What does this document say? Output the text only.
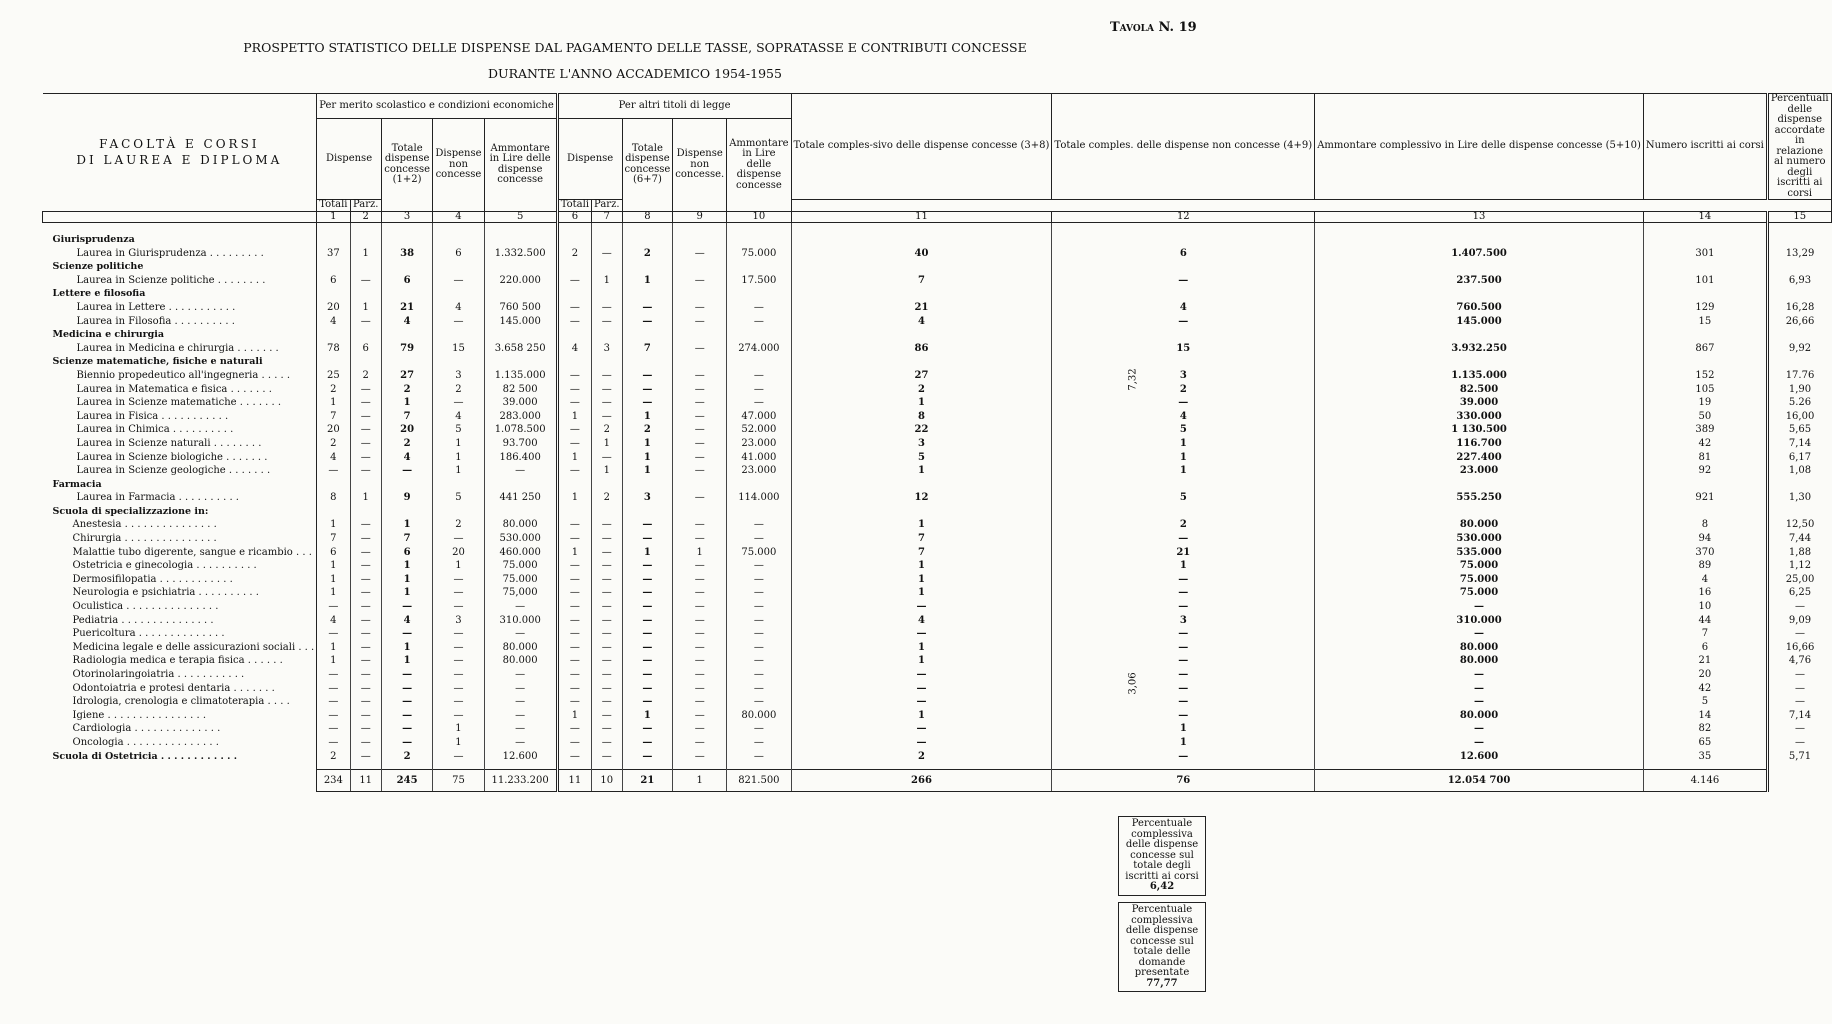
Tavola N. 19
PROSPETTO STATISTICO DELLE DISPENSE DAL PAGAMENTO DELLE TASSE, SOPRATASSE E CONTRIBUTI CONCESSE
DURANTE L'ANNO ACCADEMICO 1954-1955
FACOLTÀ E CORSI
DI LAUREA E DIPLOMA	Per merito scolastico e condizioni economiche					Per altri titoli di legge					Totale comples-sivo delle dispense concesse (3+8)	Totale comples. delle dispense non concesse (4+9)	Ammontare complessivo in Lire delle dispense concesse (5+10)	Numero iscritti ai corsi	Percentuali delle dispense accordate in relazione al numero degli iscritti ai corsi
	Dispense		Totale dispense concesse (1+2)	Dispense non concesse	Ammontare in Lire delle dispense concesse	Dispense		Totale dispense concesse (6+7)	Dispense non concesse.	Ammontare in Lire delle dispense concesse					
	Totali	Parz.				Totali	Parz.								
	1	2	3	4	5	6	7	8	9	10	11	12	13	14	15

Giurisprudenza															
Laurea in Giurisprudenza . . . . . . . . .	37	1	38	6	1.332.500	2	—	2	—	75.000	40	6	1.407.500	301	13,29
Scienze politiche															
Laurea in Scienze politiche . . . . . . . .	6	—	6	—	220.000	—	1	1	—	17.500	7	—	237.500	101	6,93
Lettere e filosofia															
Laurea in Lettere . . . . . . . . . . .	20	1	21	4	760 500	—	—	—	—	—	21	4	760.500	129	16,28
Laurea in Filosofia . . . . . . . . . .	4	—	4	—	145.000	—	—	—	—	—	4	—	145.000	15	26,66
Medicina e chirurgia															
Laurea in Medicina e chirurgia . . . . . . .	78	6	79	15	3.658 250	4	3	7	—	274.000	86	15	3.932.250	867	9,92
Scienze matematiche, fisiche e naturali															
Biennio propedeutico all'ingegneria . . . . .	25	2	27	3	1.135.000	—	—	—	—	—	27	3	1.135.000	152	17.76
Laurea in Matematica e fisica . . . . . . .	2	—	2	2	82 500	—	—	—	—	—	2	2	82.500	105	1,90
Laurea in Scienze matematiche . . . . . . .	1	—	1	—	39.000	—	—	—	—	—	1	—	39.000	19	5.26
Laurea in Fisica . . . . . . . . . . .	7	—	7	4	283.000	1	—	1	—	47.000	8	4	330.000	50	16,00
Laurea in Chimica . . . . . . . . . .	20	—	20	5	1.078.500	—	2	2	—	52.000	22	5	1 130.500	389	5,65
Laurea in Scienze naturali . . . . . . . .	2	—	2	1	93.700	—	1	1	—	23.000	3	1	116.700	42	7,14
Laurea in Scienze biologiche . . . . . . .	4	—	4	1	186.400	1	—	1	—	41.000	5	1	227.400	81	6,17
Laurea in Scienze geologiche . . . . . . .	—	—	—	1	—	—	1	1	—	23.000	1	1	23.000	92	1,08
Farmacia															
Laurea in Farmacia . . . . . . . . . .	8	1	9	5	441 250	1	2	3	—	114.000	12	5	555.250	921	1,30
Scuola di specializzazione in:															
Anestesia . . . . . . . . . . . . . . .	1	—	1	2	80.000	—	—	—	—	—	1	2	80.000	8	12,50
Chirurgia . . . . . . . . . . . . . . .	7	—	7	—	530.000	—	—	—	—	—	7	—	530.000	94	7,44
Malattie tubo digerente, sangue e ricambio . . .	6	—	6	20	460.000	1	—	1	1	75.000	7	21	535.000	370	1,88
Ostetricia e ginecologia . . . . . . . . . .	1	—	1	1	75.000	—	—	—	—	—	1	1	75.000	89	1,12
Dermosifilopatia . . . . . . . . . . . .	1	—	1	—	75.000	—	—	—	—	—	1	—	75.000	4	25,00
Neurologia e psichiatria . . . . . . . . . .	1	—	1	—	75,000	—	—	—	—	—	1	—	75.000	16	6,25
Oculistica . . . . . . . . . . . . . . .	—	—	—	—	—	—	—	—	—	—	—	—	—	10	—
Pediatria . . . . . . . . . . . . . . .	4	—	4	3	310.000	—	—	—	—	—	4	3	310.000	44	9,09
Puericoltura . . . . . . . . . . . . . .	—	—	—	—	—	—	—	—	—	—	—	—	—	7	—
Medicina legale e delle assicurazioni sociali . . .	1	—	1	—	80.000	—	—	—	—	—	1	—	80.000	6	16,66
Radiologia medica e terapia fisica . . . . . .	1	—	1	—	80.000	—	—	—	—	—	1	—	80.000	21	4,76
Otorinolaringoiatria . . . . . . . . . . .	—	—	—	—	—	—	—	—	—	—	—	—	—	20	—
Odontoiatria e protesi dentaria . . . . . . .	—	—	—	—	—	—	—	—	—	—	—	—	—	42	—
Idrologia, crenologia e climatoterapia . . . .	—	—	—	—	—	—	—	—	—	—	—	—	—	5	—
Igiene . . . . . . . . . . . . . . . .	—	—	—	—	—	1	—	1	—	80.000	1	—	80.000	14	7,14
Cardiologia . . . . . . . . . . . . . .	—	—	—	1	—	—	—	—	—	—	—	1	—	82	—
Oncologia . . . . . . . . . . . . . . .	—	—	—	1	—	—	—	—	—	—	—	1	—	65	—
Scuola di Ostetricia . . . . . . . . . . . .	2	—	2	—	12.600	—	—	—	—	—	2	—	12.600	35	5,71

	234	11	245	75	11.233.200	11	10	21	1	821.500	266	76	12.054 700	4.146	
7,32
3,06
Percentuale complessiva delle dispense concesse sul totale degli iscritti ai corsi
6,42
Percentuale complessiva delle dispense concesse sul totale delle domande presentate
77,77
